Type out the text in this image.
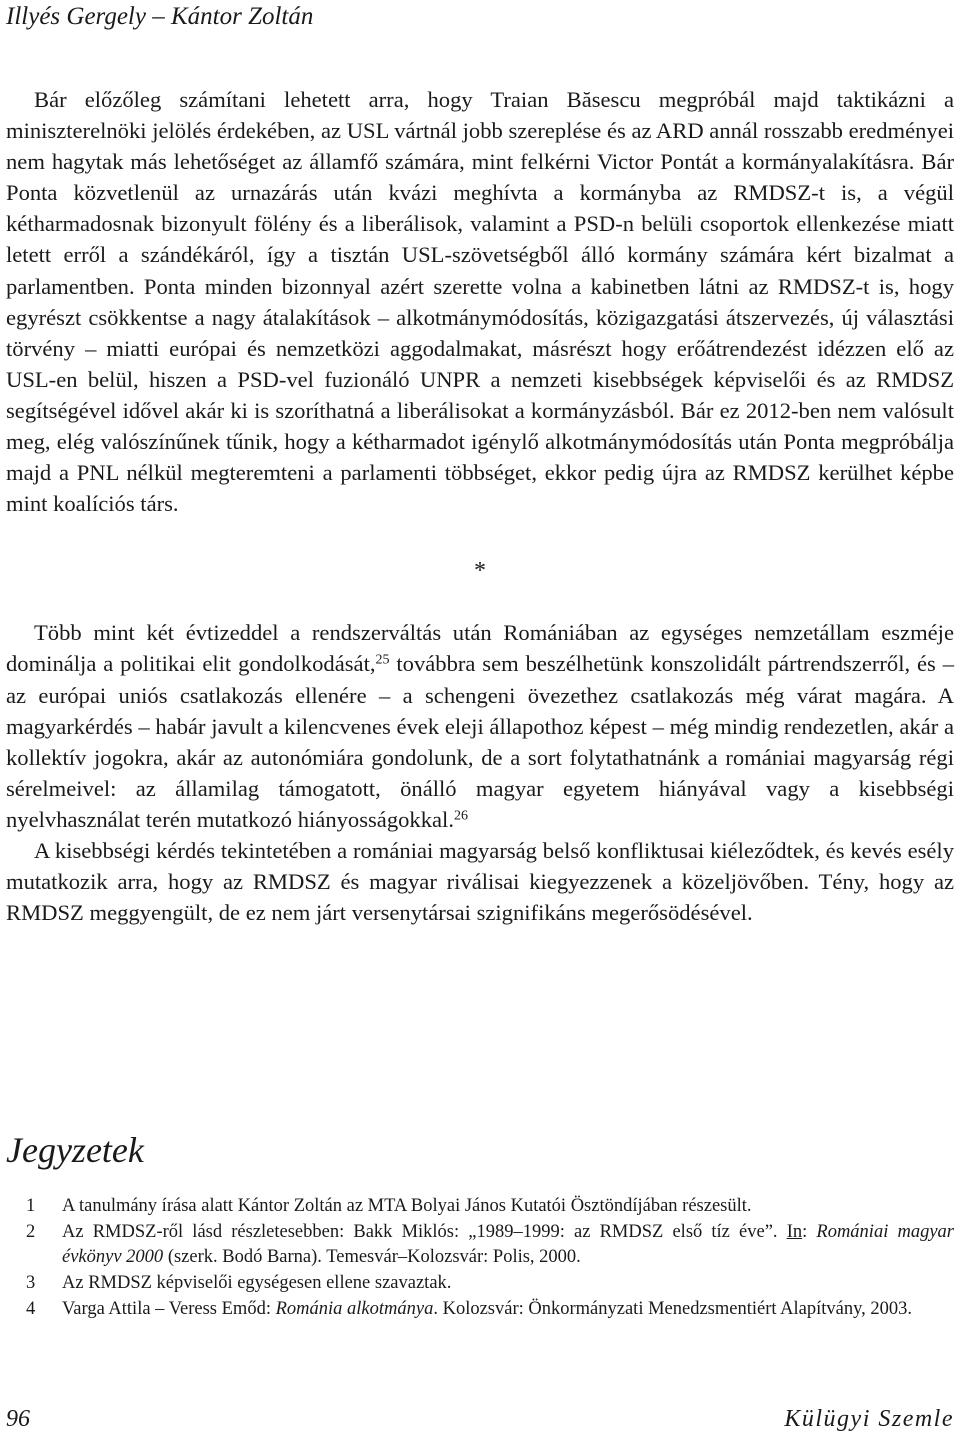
Illyés Gergely – Kántor Zoltán

Bár előzőleg számítani lehetett arra, hogy Traian Băsescu megpróbál majd taktikázni a miniszterelnöki jelölés érdekében, az USL vártnál jobb szereplése és az ARD annál rosszabb eredményei nem hagytak más lehetőséget az államfő számára, mint felkérni Victor Pontát a kormányalakításra. Bár Ponta közvetlenül az urnazárás után kvázi meghívta a kormányba az RMDSZ-t is, a végül kétharmadosnak bizonyult fölény és a liberálisok, valamint a PSD-n belüli csoportok ellenkezése miatt letett erről a szándékáról, így a tisztán USL-szövetségből álló kormány számára kért bizalmat a parlamentben. Ponta minden bizonnyal azért szerette volna a kabinetben látni az RMDSZ-t is, hogy egyrészt csökkentse a nagy átalakítások – alkotmánymódosítás, közigazgatási átszervezés, új választási törvény – miatti európai és nemzetközi aggodalmakat, másrészt hogy erőátrendezést idézzen elő az USL-en belül, hiszen a PSD-vel fuzionáló UNPR a nemzeti kisebbségek képviselői és az RMDSZ segítségével idővel akár ki is szoríthatná a liberálisokat a kormányzásból. Bár ez 2012-ben nem valósult meg, elég valószínűnek tűnik, hogy a kétharmadot igénylő alkotmánymódosítás után Ponta megpróbálja majd a PNL nélkül megteremteni a parlamenti többséget, ekkor pedig újra az RMDSZ kerülhet képbe mint koalíciós társ.

*

Több mint két évtizeddel a rendszerváltás után Romániában az egységes nemzetállam eszméje dominálja a politikai elit gondolkodását,$^{25}$ továbbra sem beszélhetünk konszolidált pártrendszerről, és – az európai uniós csatlakozás ellenére – a schengeni övezethez csatlakozás még várat magára. A magyarkérdés – habár javult a kilencvenes évek eleji állapothoz képest – még mindig rendezetlen, akár a kollektív jogokra, akár az autonómiára gondolunk, de a sort folytathatnánk a romániai magyarság régi sérelmeivel: az államilag támogatott, önálló magyar egyetem hiányával vagy a kisebbségi nyelvhasználat terén mutatkozó hiányosságokkal.$^{26}$

A kisebbségi kérdés tekintetében a romániai magyarság belső konfliktusai kiéleződtek, és kevés esély mutatkozik arra, hogy az RMDSZ és magyar riválisai kiegyezzenek a közeljövőben. Tény, hogy az RMDSZ meggyengült, de ez nem járt versenytársai szignifikáns megerősödésével.

Jegyzetek
1 A tanulmány írása alatt Kántor Zoltán az MTA Bolyai János Kutatói Ösztöndíjában részesült.
2 Az RMDSZ-ről lásd részletesebben: Bakk Miklós: „1989–1999: az RMDSZ első tíz éve”. In: Romániai magyar évkönyv 2000 (szerk. Bodó Barna). Temesvár–Kolozsvár: Polis, 2000.
3 Az RMDSZ képviselői egységesen ellene szavaztak.
4 Varga Attila – Veress Emőd: Románia alkotmánya. Kolozsvár: Önkormányzati Menedzsmentiért Alapítvány, 2003.
96	Külügyi Szemle
